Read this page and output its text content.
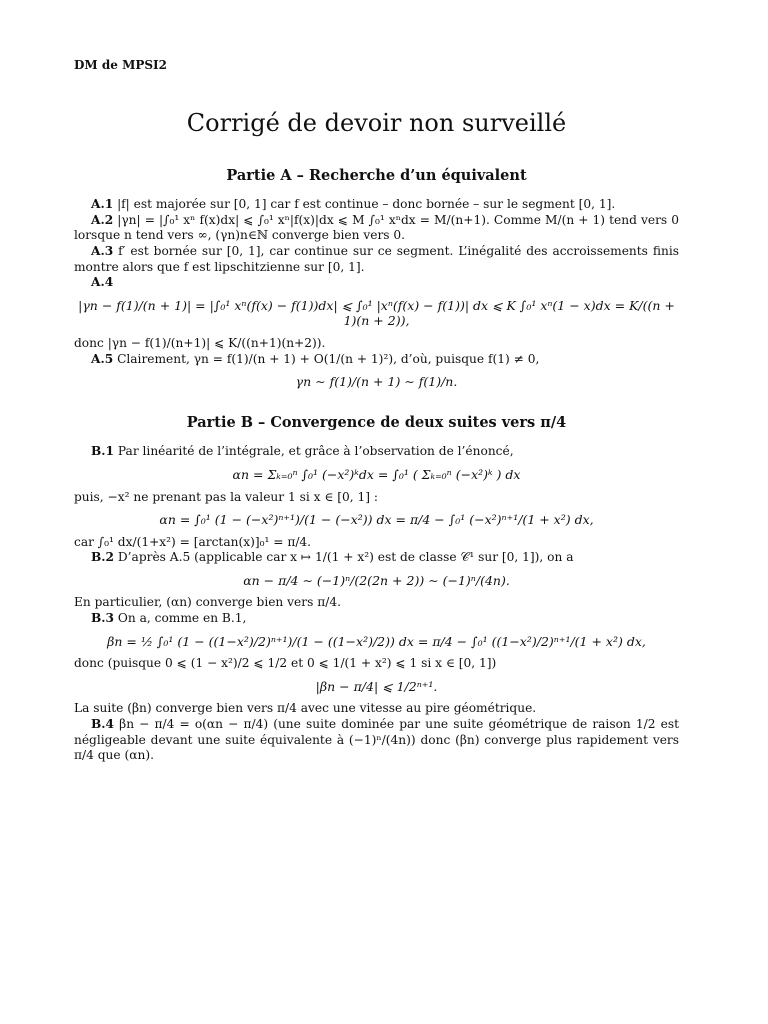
DM de MPSI2
Corrigé de devoir non surveillé
Partie A – Recherche d’un équivalent

A.1 |f| est majorée sur [0, 1] car f est continue – donc bornée – sur le segment [0, 1].

A.2 |γn| = |∫₀¹ xⁿ f(x)dx| ⩽ ∫₀¹ xⁿ|f(x)|dx ⩽ M ∫₀¹ xⁿdx = M/(n+1). Comme M/(n + 1) tend vers 0 lorsque n tend vers ∞, (γn)n∈ℕ converge bien vers 0.

A.3 f′ est bornée sur [0, 1], car continue sur ce segment. L’inégalité des accroissements finis montre alors que f est lipschitzienne sur [0, 1].

A.4

|γn − f(1)/(n + 1)| = |∫₀¹ xⁿ(f(x) − f(1))dx| ⩽ ∫₀¹ |xⁿ(f(x) − f(1))| dx ⩽ K ∫₀¹ xⁿ(1 − x)dx = K/((n + 1)(n + 2)),

donc |γn − f(1)/(n+1)| ⩽ K/((n+1)(n+2)).

A.5 Clairement, γn = f(1)/(n + 1) + O(1/(n + 1)²), d’où, puisque f(1) ≠ 0,

γn ∼ f(1)/(n + 1) ∼ f(1)/n.
Partie B – Convergence de deux suites vers π/4

B.1 Par linéarité de l’intégrale, et grâce à l’observation de l’énoncé,

αn = Σₖ₌₀ⁿ ∫₀¹ (−x²)ᵏdx = ∫₀¹ ( Σₖ₌₀ⁿ (−x²)ᵏ ) dx

puis, −x² ne prenant pas la valeur 1 si x ∈ [0, 1] :

αn = ∫₀¹ (1 − (−x²)ⁿ⁺¹)/(1 − (−x²)) dx = π/4 − ∫₀¹ (−x²)ⁿ⁺¹/(1 + x²) dx,

car ∫₀¹ dx/(1+x²) = [arctan(x)]₀¹ = π/4.

B.2 D’après A.5 (applicable car x ↦ 1/(1 + x²) est de classe 𝒞¹ sur [0, 1]), on a

αn − π/4 ∼ (−1)ⁿ/(2(2n + 2)) ∼ (−1)ⁿ/(4n).

En particulier, (αn) converge bien vers π/4.

B.3 On a, comme en B.1,

βn = ½ ∫₀¹ (1 − ((1−x²)/2)ⁿ⁺¹)/(1 − ((1−x²)/2)) dx = π/4 − ∫₀¹ ((1−x²)/2)ⁿ⁺¹/(1 + x²) dx,

donc (puisque 0 ⩽ (1 − x²)/2 ⩽ 1/2 et 0 ⩽ 1/(1 + x²) ⩽ 1 si x ∈ [0, 1])

|βn − π/4| ⩽ 1/2ⁿ⁺¹.

La suite (βn) converge bien vers π/4 avec une vitesse au pire géométrique.

B.4 βn − π/4 = o(αn − π/4) (une suite dominée par une suite géométrique de raison 1/2 est négligeable devant une suite équivalente à (−1)ⁿ/(4n)) donc (βn) converge plus rapidement vers π/4 que (αn).
